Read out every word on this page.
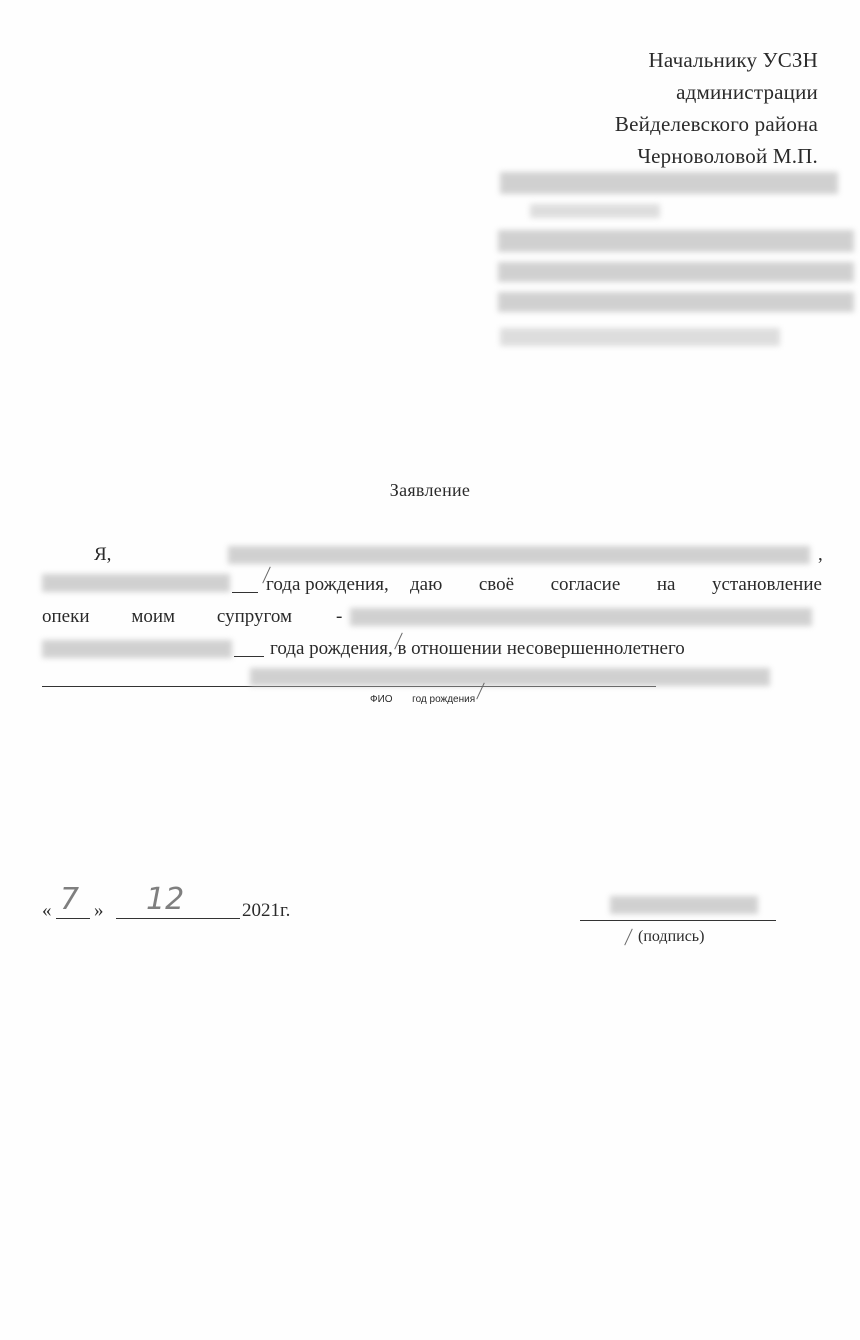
Начальнику УСЗН
администрации
Вейделевского района
Черноволовой М.П.
Заявление
Я,	,
года рождения, даю своё согласие на установление
опеки моим супругом -
года рождения, в отношении несовершеннолетнего
ФИО год рождения
« 7 » 12	2021г.
(подпись)
